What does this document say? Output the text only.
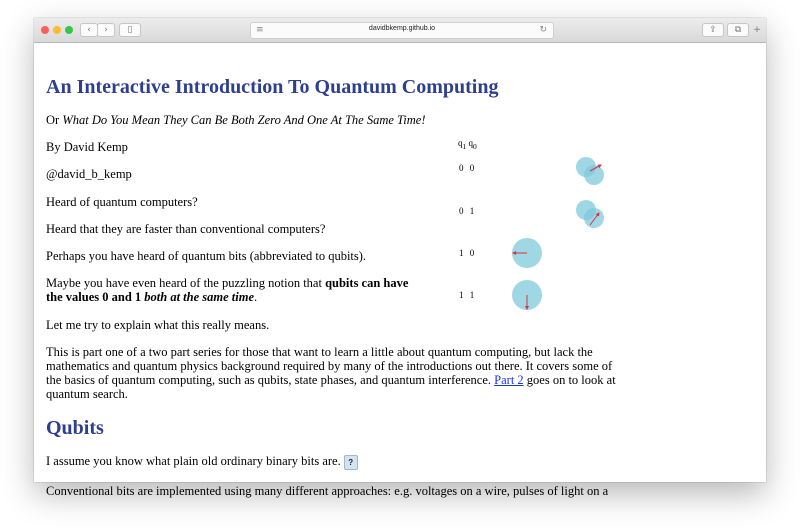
‹	›	▯	≡	davidbkemp.github.io	↻	⇪	⧉	+
An Interactive Introduction To Quantum Computing
Or What Do You Mean They Can Be Both Zero And One At The Same Time!
By David Kemp
@david_b_kemp
Heard of quantum computers?
Heard that they are faster than conventional computers?
Perhaps you have heard of quantum bits (abbreviated to qubits).
Maybe you have even heard of the puzzling notion that qubits can have
the values 0 and 1 both at the same time.
Let me try to explain what this really means.
This is part one of a two part series for those that want to learn a little about quantum computing, but lack the
mathematics and quantum physics background required by many of the introductions out there. It covers some of
the basics of quantum computing, such as qubits, state phases, and quantum interference. Part 2 goes on to look at
quantum search.
Qubits
I assume you know what plain old ordinary binary bits are. ?
Conventional bits are implemented using many different approaches: e.g. voltages on a wire, pulses of light on a
$q_1$ $q_0$
0 0
0 1
1 0
1 1
